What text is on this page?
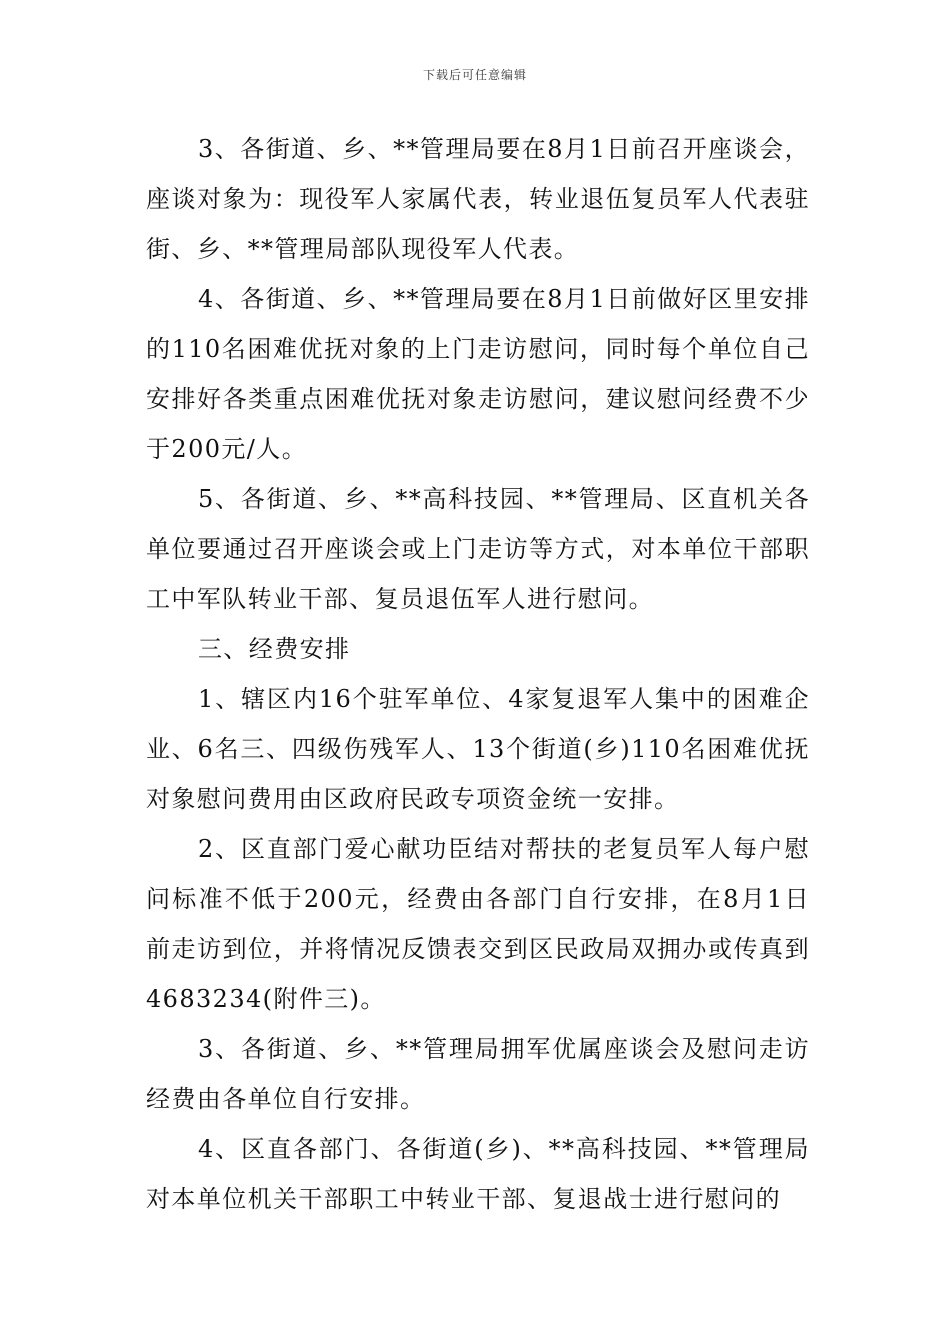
下载后可任意编辑

3、各街道、乡、**管理局要在8月1日前召开座谈会，座谈对象为：现役军人家属代表，转业退伍复员军人代表驻街、乡、**管理局部队现役军人代表。

4、各街道、乡、**管理局要在8月1日前做好区里安排的110名困难优抚对象的上门走访慰问，同时每个单位自己安排好各类重点困难优抚对象走访慰问，建议慰问经费不少于200元/人。

5、各街道、乡、**高科技园、**管理局、区直机关各单位要通过召开座谈会或上门走访等方式，对本单位干部职工中军队转业干部、复员退伍军人进行慰问。

三、经费安排

1、辖区内16个驻军单位、4家复退军人集中的困难企业、6名三、四级伤残军人、13个街道(乡)110名困难优抚对象慰问费用由区政府民政专项资金统一安排。

2、区直部门爱心献功臣结对帮扶的老复员军人每户慰问标准不低于200元，经费由各部门自行安排，在8月1日前走访到位，并将情况反馈表交到区民政局双拥办或传真到4683234(附件三)。

3、各街道、乡、**管理局拥军优属座谈会及慰问走访经费由各单位自行安排。

4、区直各部门、各街道(乡)、**高科技园、**管理局对本单位机关干部职工中转业干部、复退战士进行慰问的
